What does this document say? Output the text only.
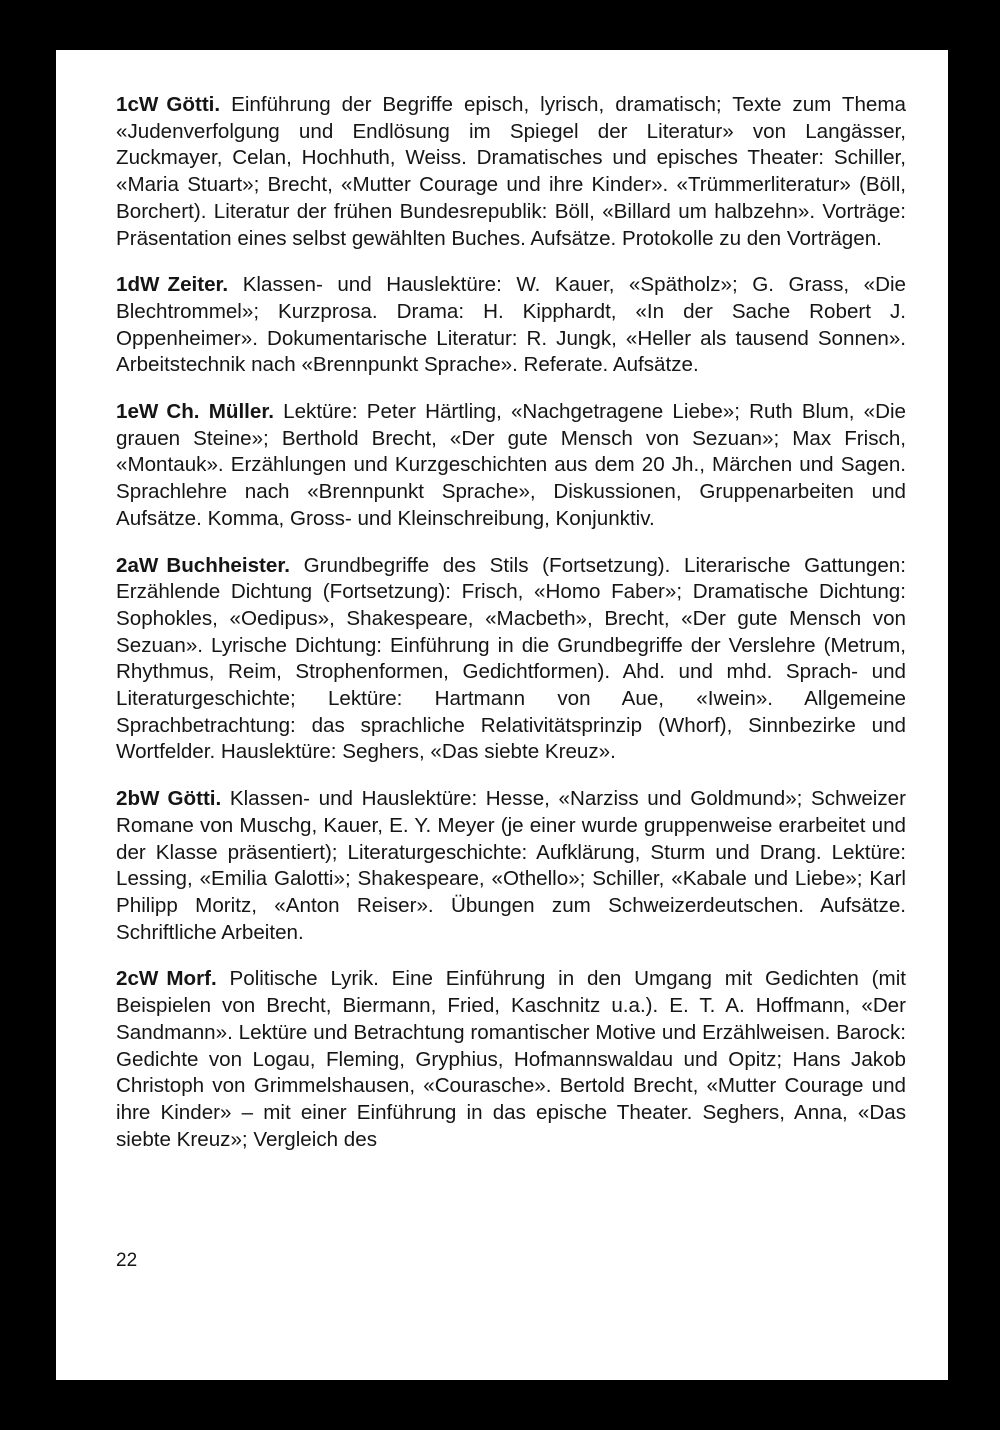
1cW Götti. Einführung der Begriffe episch, lyrisch, dramatisch; Texte zum Thema «Judenverfolgung und Endlösung im Spiegel der Literatur» von Langässer, Zuckmayer, Celan, Hochhuth, Weiss. Dramatisches und episches Theater: Schiller, «Maria Stuart»; Brecht, «Mutter Courage und ihre Kinder». «Trümmerliteratur» (Böll, Borchert). Literatur der frühen Bundesrepublik: Böll, «Billard um halbzehn». Vorträge: Präsentation eines selbst gewählten Buches. Aufsätze. Protokolle zu den Vorträgen.

1dW Zeiter. Klassen- und Hauslektüre: W. Kauer, «Spätholz»; G. Grass, «Die Blechtrommel»; Kurzprosa. Drama: H. Kipphardt, «In der Sache Robert J. Oppenheimer». Dokumentarische Literatur: R. Jungk, «Heller als tausend Sonnen». Arbeitstechnik nach «Brennpunkt Sprache». Referate. Aufsätze.

1eW Ch. Müller. Lektüre: Peter Härtling, «Nachgetragene Liebe»; Ruth Blum, «Die grauen Steine»; Berthold Brecht, «Der gute Mensch von Sezuan»; Max Frisch, «Montauk». Erzählungen und Kurzgeschichten aus dem 20 Jh., Märchen und Sagen. Sprachlehre nach «Brennpunkt Sprache», Diskussionen, Gruppenarbeiten und Aufsätze. Komma, Gross- und Kleinschreibung, Konjunktiv.

2aW Buchheister. Grundbegriffe des Stils (Fortsetzung). Literarische Gattungen: Erzählende Dichtung (Fortsetzung): Frisch, «Homo Faber»; Dramatische Dichtung: Sophokles, «Oedipus», Shakespeare, «Macbeth», Brecht, «Der gute Mensch von Sezuan». Lyrische Dichtung: Einführung in die Grundbegriffe der Verslehre (Metrum, Rhythmus, Reim, Strophenformen, Gedichtformen). Ahd. und mhd. Sprach- und Literaturgeschichte; Lektüre: Hartmann von Aue, «Iwein». Allgemeine Sprachbetrachtung: das sprachliche Relativitätsprinzip (Whorf), Sinnbezirke und Wortfelder. Hauslektüre: Seghers, «Das siebte Kreuz».

2bW Götti. Klassen- und Hauslektüre: Hesse, «Narziss und Goldmund»; Schweizer Romane von Muschg, Kauer, E. Y. Meyer (je einer wurde gruppenweise erarbeitet und der Klasse präsentiert); Literaturgeschichte: Aufklärung, Sturm und Drang. Lektüre: Lessing, «Emilia Galotti»; Shakespeare, «Othello»; Schiller, «Kabale und Liebe»; Karl Philipp Moritz, «Anton Reiser». Übungen zum Schweizerdeutschen. Aufsätze. Schriftliche Arbeiten.

2cW Morf. Politische Lyrik. Eine Einführung in den Umgang mit Gedichten (mit Beispielen von Brecht, Biermann, Fried, Kaschnitz u.a.). E. T. A. Hoffmann, «Der Sandmann». Lektüre und Betrachtung romantischer Motive und Erzählweisen. Barock: Gedichte von Logau, Fleming, Gryphius, Hofmannswaldau und Opitz; Hans Jakob Christoph von Grimmelshausen, «Courasche». Bertold Brecht, «Mutter Courage und ihre Kinder» – mit einer Einführung in das epische Theater. Seghers, Anna, «Das siebte Kreuz»; Vergleich des

22
